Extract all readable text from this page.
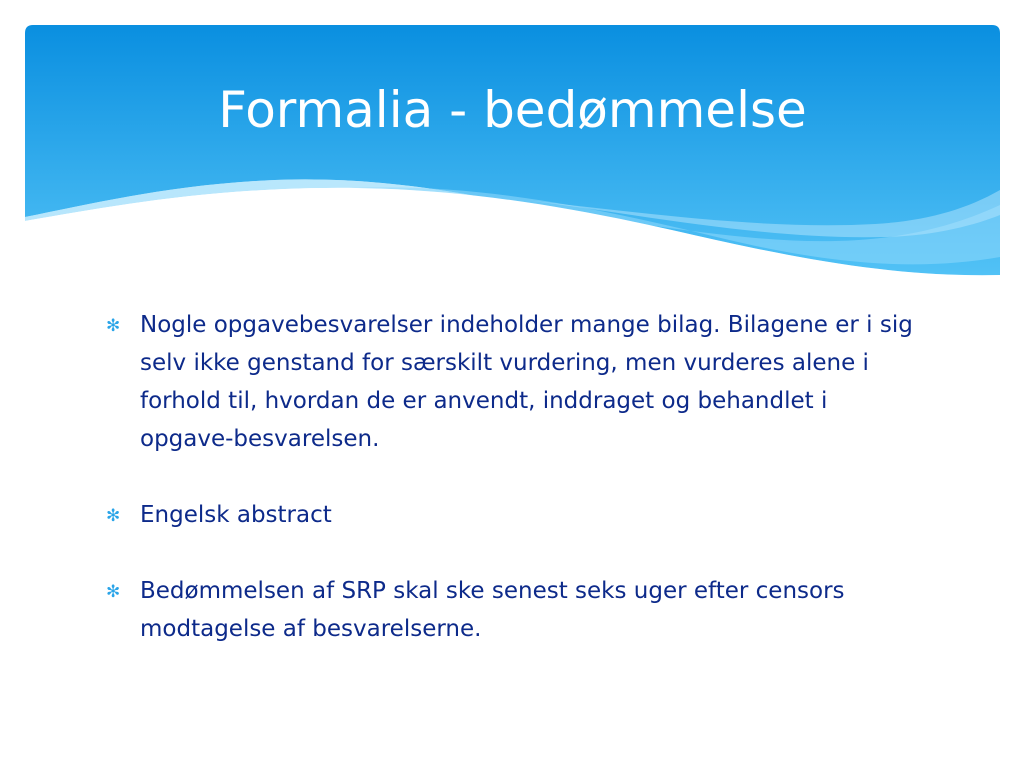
Formalia - bedømmelse
✻ Nogle opgavebesvarelser indeholder mange bilag. Bilagene er i sig selv ikke genstand for særskilt vurdering, men vurderes alene i forhold til, hvordan de er anvendt, inddraget og behandlet i opgave-besvarelsen.
✻ Engelsk abstract
✻ Bedømmelsen af SRP skal ske senest seks uger efter censors modtagelse af besvarelserne.
